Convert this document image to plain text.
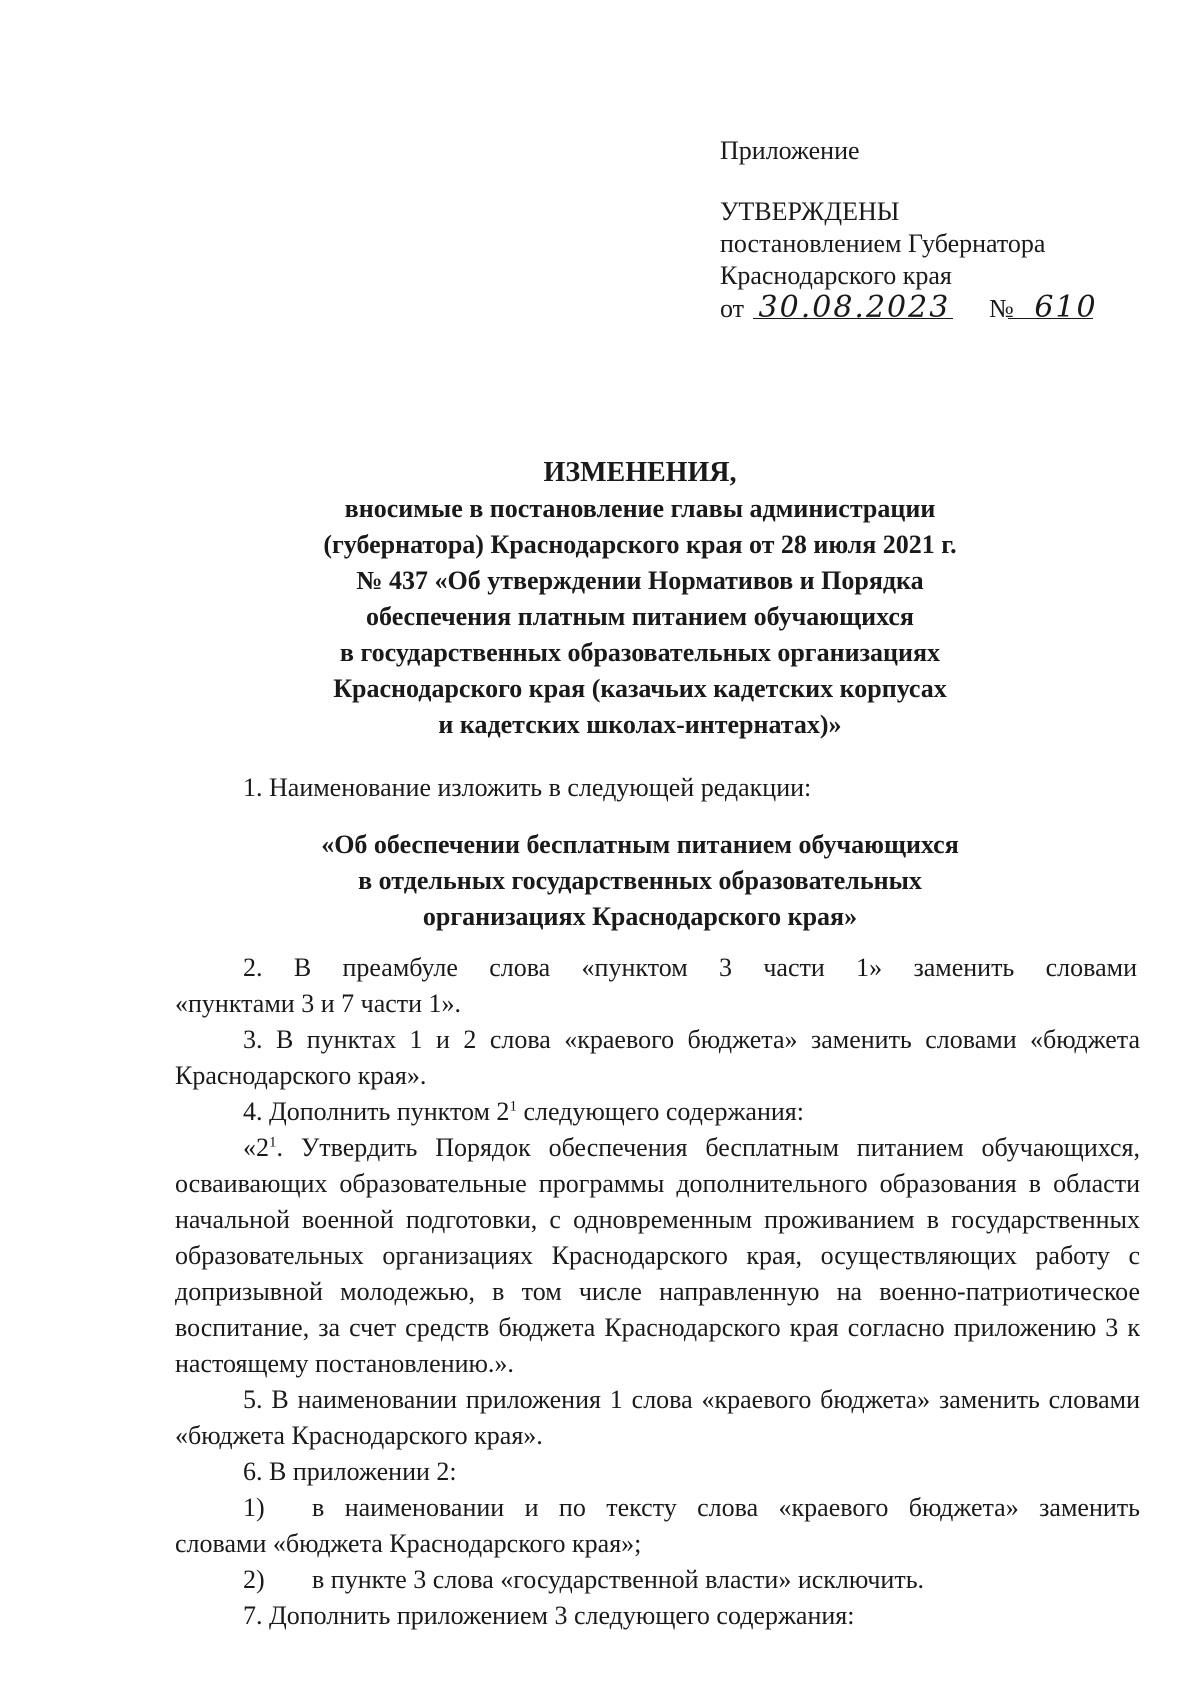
Приложение
УТВЕРЖДЕНЫ
постановлением Губернатора
Краснодарского края
от 30.08.2023 № 610
ИЗМЕНЕНИЯ,
вносимые в постановление главы администрации
(губернатора) Краснодарского края от 28 июля 2021 г.
№ 437 «Об утверждении Нормативов и Порядка
обеспечения платным питанием обучающихся
в государственных образовательных организациях
Краснодарского края (казачьих кадетских корпусах
и кадетских школах-интернатах)»
1. Наименование изложить в следующей редакции:
«Об обеспечении бесплатным питанием обучающихся
в отдельных государственных образовательных
организациях Краснодарского края»
2. В преамбуле слова «пунктом 3 части 1» заменить словами
«пунктами 3 и 7 части 1».
3. В пунктах 1 и 2 слова «краевого бюджета» заменить словами «бюджета Краснодарского края».
4. Дополнить пунктом $2^1$ следующего содержания:
«$2^1$. Утвердить Порядок обеспечения бесплатным питанием обучающихся, осваивающих образовательные программы дополнительного образования в области начальной военной подготовки, с одновременным проживанием в государственных образовательных организациях Краснодарского края, осуществляющих работу с допризывной молодежью, в том числе направленную на военно-патриотическое воспитание, за счет средств бюджета Краснодарского края согласно приложению 3 к настоящему постановлению.».
5. В наименовании приложения 1 слова «краевого бюджета» заменить словами «бюджета Краснодарского края».
6. В приложении 2:
1) в наименовании и по тексту слова «краевого бюджета» заменить
словами «бюджета Краснодарского края»;
2) в пункте 3 слова «государственной власти» исключить.
7. Дополнить приложением 3 следующего содержания:
